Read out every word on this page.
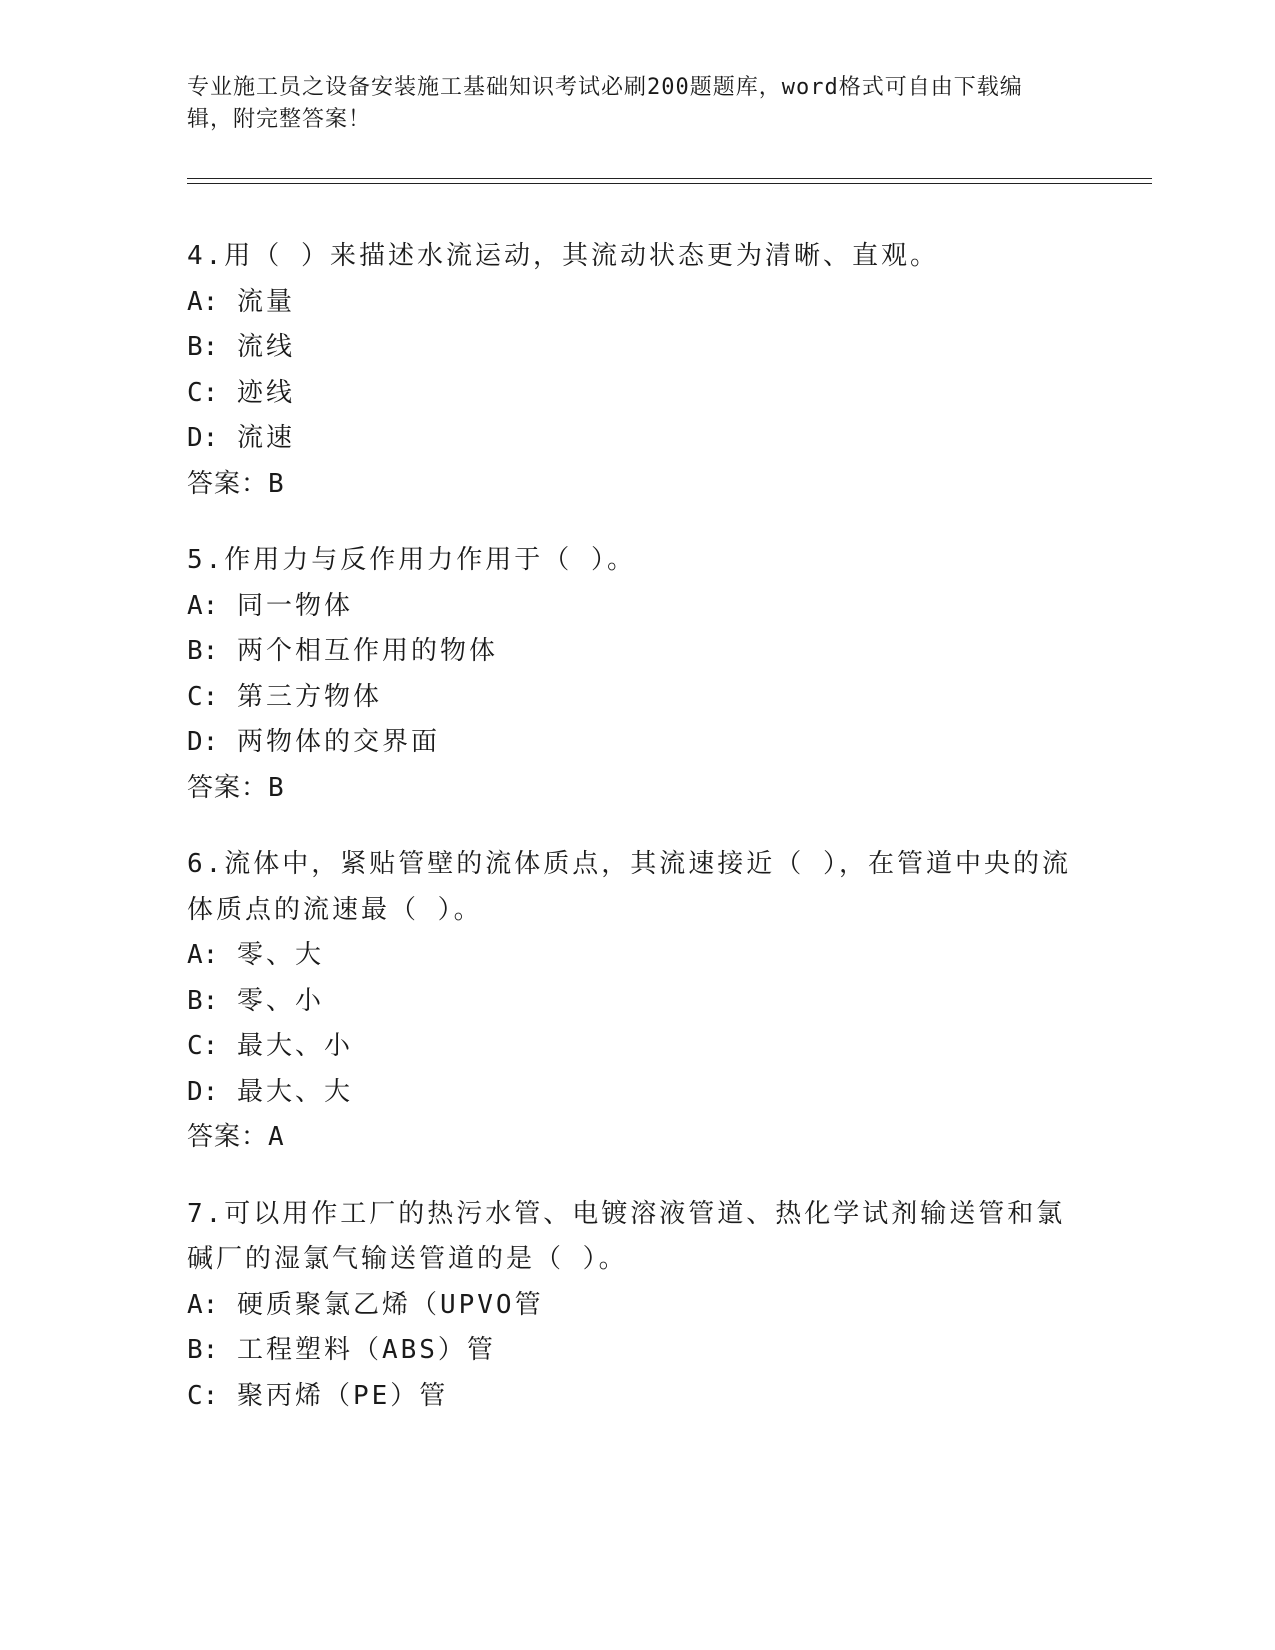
专业施工员之设备安装施工基础知识考试必刷200题题库，word格式可自由下载编辑，附完整答案！
4.用（ ）来描述水流运动，其流动状态更为清晰、直观。
A: 流量
B: 流线
C: 迹线
D: 流速
答案：B
5.作用力与反作用力作用于（ ）。
A: 同一物体
B: 两个相互作用的物体
C: 第三方物体
D: 两物体的交界面
答案：B
6.流体中，紧贴管壁的流体质点，其流速接近（ ），在管道中央的流体质点的流速最（ ）。
A: 零、大
B: 零、小
C: 最大、小
D: 最大、大
答案：A
7.可以用作工厂的热污水管、电镀溶液管道、热化学试剂输送管和氯碱厂的湿氯气输送管道的是（ ）。
A: 硬质聚氯乙烯（UPVO管
B: 工程塑料（ABS）管
C: 聚丙烯（PE）管
